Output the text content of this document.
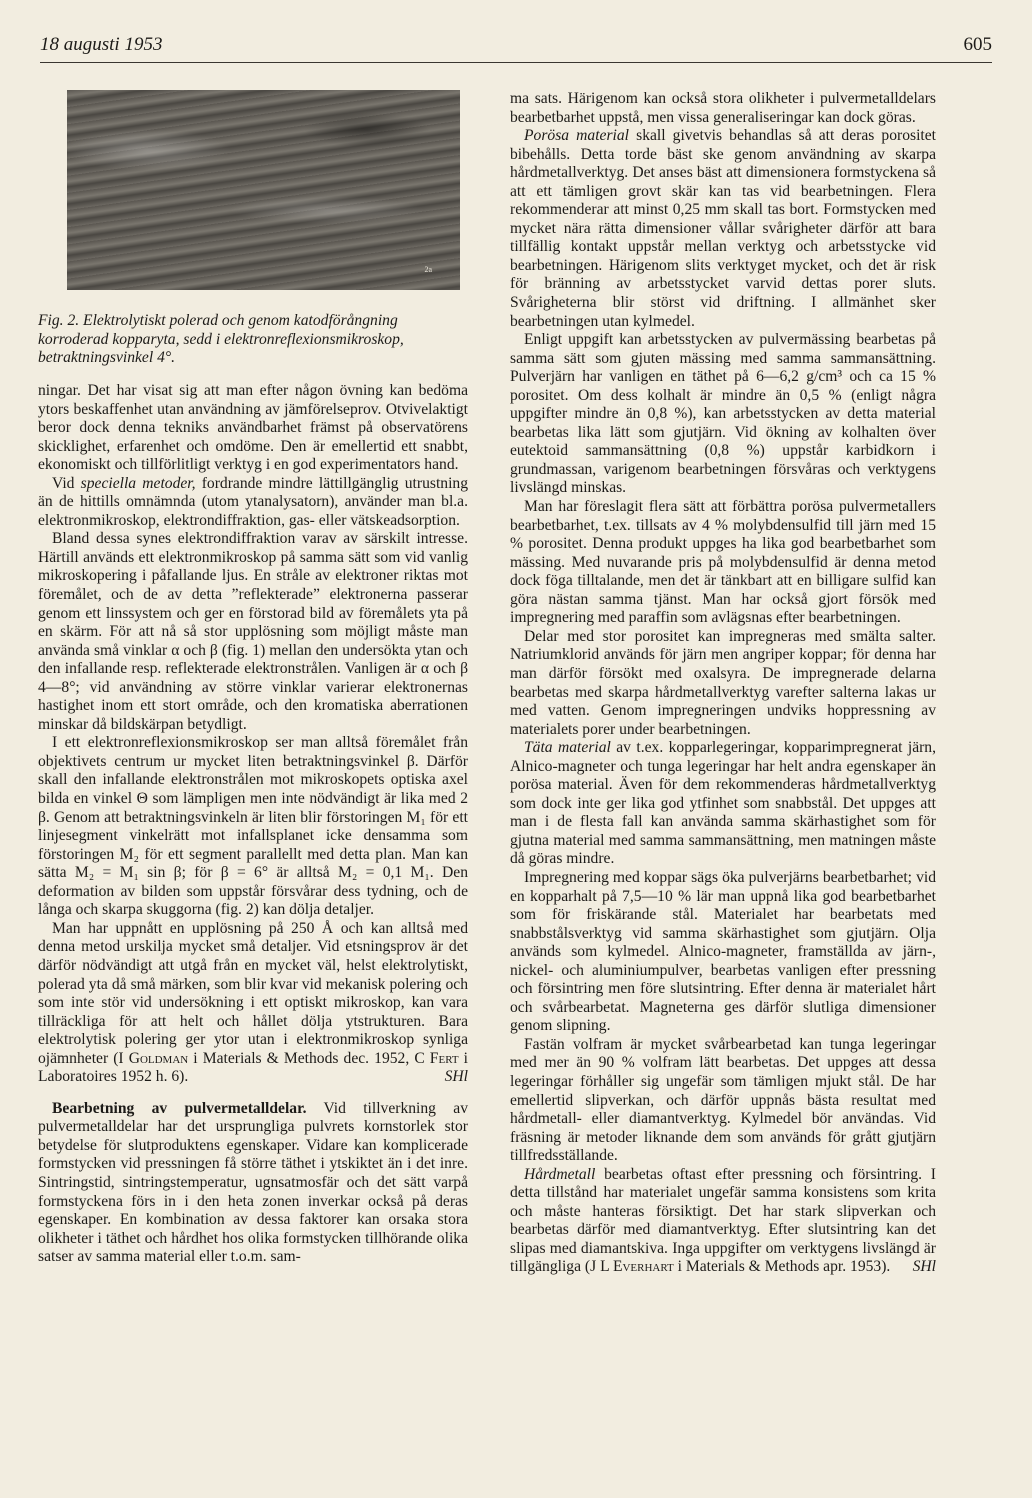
18 augusti 1953	605
2a
Fig. 2. Elektrolytiskt polerad och genom katodförångning korroderad kopparyta, sedd i elektronreflexionsmikroskop, betraktningsvinkel 4°.

ningar. Det har visat sig att man efter någon övning kan bedöma ytors beskaffenhet utan användning av jämförelseprov. Otvivelaktigt beror dock denna tekniks användbarhet främst på observatörens skicklighet, erfarenhet och omdöme. Den är emellertid ett snabbt, ekonomiskt och tillförlitligt verktyg i en god experimentators hand.

Vid speciella metoder, fordrande mindre lättillgänglig utrustning än de hittills omnämnda (utom ytanalysatorn), använder man bl.a. elektronmikroskop, elektrondiffraktion, gas- eller vätskeadsorption.

Bland dessa synes elektrondiffraktion varav av särskilt intresse. Härtill används ett elektronmikroskop på samma sätt som vid vanlig mikroskopering i påfallande ljus. En stråle av elektroner riktas mot föremålet, och de av detta ”reflekterade” elektronerna passerar genom ett linssystem och ger en förstorad bild av föremålets yta på en skärm. För att nå så stor upplösning som möjligt måste man använda små vinklar α och β (fig. 1) mellan den undersökta ytan och den infallande resp. reflekterade elektronstrålen. Vanligen är α och β 4—8°; vid användning av större vinklar varierar elektronernas hastighet inom ett stort område, och den kromatiska aberrationen minskar då bildskärpan betydligt.

I ett elektronreflexionsmikroskop ser man alltså föremålet från objektivets centrum ur mycket liten betraktningsvinkel β. Därför skall den infallande elektronstrålen mot mikroskopets optiska axel bilda en vinkel Θ som lämpligen men inte nödvändigt är lika med 2 β. Genom att betraktningsvinkeln är liten blir förstoringen M₁ för ett linjesegment vinkelrätt mot infallsplanet icke densamma som förstoringen M₂ för ett segment parallellt med detta plan. Man kan sätta M₂ = M₁ sin β; för β = 6° är alltså M₂ = 0,1 M₁. Den deformation av bilden som uppstår försvårar dess tydning, och de långa och skarpa skuggorna (fig. 2) kan dölja detaljer.

Man har uppnått en upplösning på 250 Å och kan alltså med denna metod urskilja mycket små detaljer. Vid etsningsprov är det därför nödvändigt att utgå från en mycket väl, helst elektrolytiskt, polerad yta då små märken, som blir kvar vid mekanisk polering och som inte stör vid undersökning i ett optiskt mikroskop, kan vara tillräckliga för att helt och hållet dölja ytstrukturen. Bara elektrolytisk polering ger ytor utan i elektronmikroskop synliga ojämnheter (I Goldman i Materials & Methods dec. 1952, C Fert i Laboratoires 1952 h. 6).	SHl

Bearbetning av pulvermetalldelar. Vid tillverkning av pulvermetalldelar har det ursprungliga pulvrets kornstorlek stor betydelse för slutproduktens egenskaper. Vidare kan komplicerade formstycken vid pressningen få större täthet i ytskiktet än i det inre. Sintringstid, sintringstemperatur, ugnsatmosfär och det sätt varpå formstyckena förs in i den heta zonen inverkar också på deras egenskaper. En kombination av dessa faktorer kan orsaka stora olikheter i täthet och hårdhet hos olika formstycken tillhörande olika satser av samma material eller t.o.m. sam-

ma sats. Härigenom kan också stora olikheter i pulvermetalldelars bearbetbarhet uppstå, men vissa generaliseringar kan dock göras.

Porösa material skall givetvis behandlas så att deras porositet bibehålls. Detta torde bäst ske genom användning av skarpa hårdmetallverktyg. Det anses bäst att dimensionera formstyckena så att ett tämligen grovt skär kan tas vid bearbetningen. Flera rekommenderar att minst 0,25 mm skall tas bort. Formstycken med mycket nära rätta dimensioner vållar svårigheter därför att bara tillfällig kontakt uppstår mellan verktyg och arbetsstycke vid bearbetningen. Härigenom slits verktyget mycket, och det är risk för bränning av arbetsstycket varvid dettas porer sluts. Svårigheterna blir störst vid driftning. I allmänhet sker bearbetningen utan kylmedel.

Enligt uppgift kan arbetsstycken av pulvermässing bearbetas på samma sätt som gjuten mässing med samma sammansättning. Pulverjärn har vanligen en täthet på 6—6,2 g/cm³ och ca 15 % porositet. Om dess kolhalt är mindre än 0,5 % (enligt några uppgifter mindre än 0,8 %), kan arbetsstycken av detta material bearbetas lika lätt som gjutjärn. Vid ökning av kolhalten över eutektoid sammansättning (0,8 %) uppstår karbidkorn i grundmassan, varigenom bearbetningen försvåras och verktygens livslängd minskas.

Man har föreslagit flera sätt att förbättra porösa pulvermetallers bearbetbarhet, t.ex. tillsats av 4 % molybdensulfid till järn med 15 % porositet. Denna produkt uppges ha lika god bearbetbarhet som mässing. Med nuvarande pris på molybdensulfid är denna metod dock föga tilltalande, men det är tänkbart att en billigare sulfid kan göra nästan samma tjänst. Man har också gjort försök med impregnering med paraffin som avlägsnas efter bearbetningen.

Delar med stor porositet kan impregneras med smälta salter. Natriumklorid används för järn men angriper koppar; för denna har man därför försökt med oxalsyra. De impregnerade delarna bearbetas med skarpa hårdmetallverktyg varefter salterna lakas ur med vatten. Genom impregneringen undviks hoppressning av materialets porer under bearbetningen.

Täta material av t.ex. kopparlegeringar, kopparimpregnerat järn, Alnico-magneter och tunga legeringar har helt andra egenskaper än porösa material. Även för dem rekommenderas hårdmetallverktyg som dock inte ger lika god ytfinhet som snabbstål. Det uppges att man i de flesta fall kan använda samma skärhastighet som för gjutna material med samma sammansättning, men matningen måste då göras mindre.

Impregnering med koppar sägs öka pulverjärns bearbetbarhet; vid en kopparhalt på 7,5—10 % lär man uppnå lika god bearbetbarhet som för friskärande stål. Materialet har bearbetats med snabbstålsverktyg vid samma skärhastighet som gjutjärn. Olja används som kylmedel. Alnico-magneter, framställda av järn-, nickel- och aluminiumpulver, bearbetas vanligen efter pressning och försintring men före slutsintring. Efter denna är materialet hårt och svårbearbetat. Magneterna ges därför slutliga dimensioner genom slipning.

Fastän volfram är mycket svårbearbetad kan tunga legeringar med mer än 90 % volfram lätt bearbetas. Det uppges att dessa legeringar förhåller sig ungefär som tämligen mjukt stål. De har emellertid slipverkan, och därför uppnås bästa resultat med hårdmetall- eller diamantverktyg. Kylmedel bör användas. Vid fräsning är metoder liknande dem som används för grått gjutjärn tillfredsställande.

Hårdmetall bearbetas oftast efter pressning och försintring. I detta tillstånd har materialet ungefär samma konsistens som krita och måste hanteras försiktigt. Det har stark slipverkan och bearbetas därför med diamantverktyg. Efter slutsintring kan det slipas med diamantskiva. Inga uppgifter om verktygens livslängd är tillgängliga (J L Everhart i Materials & Methods apr. 1953).	SHl
